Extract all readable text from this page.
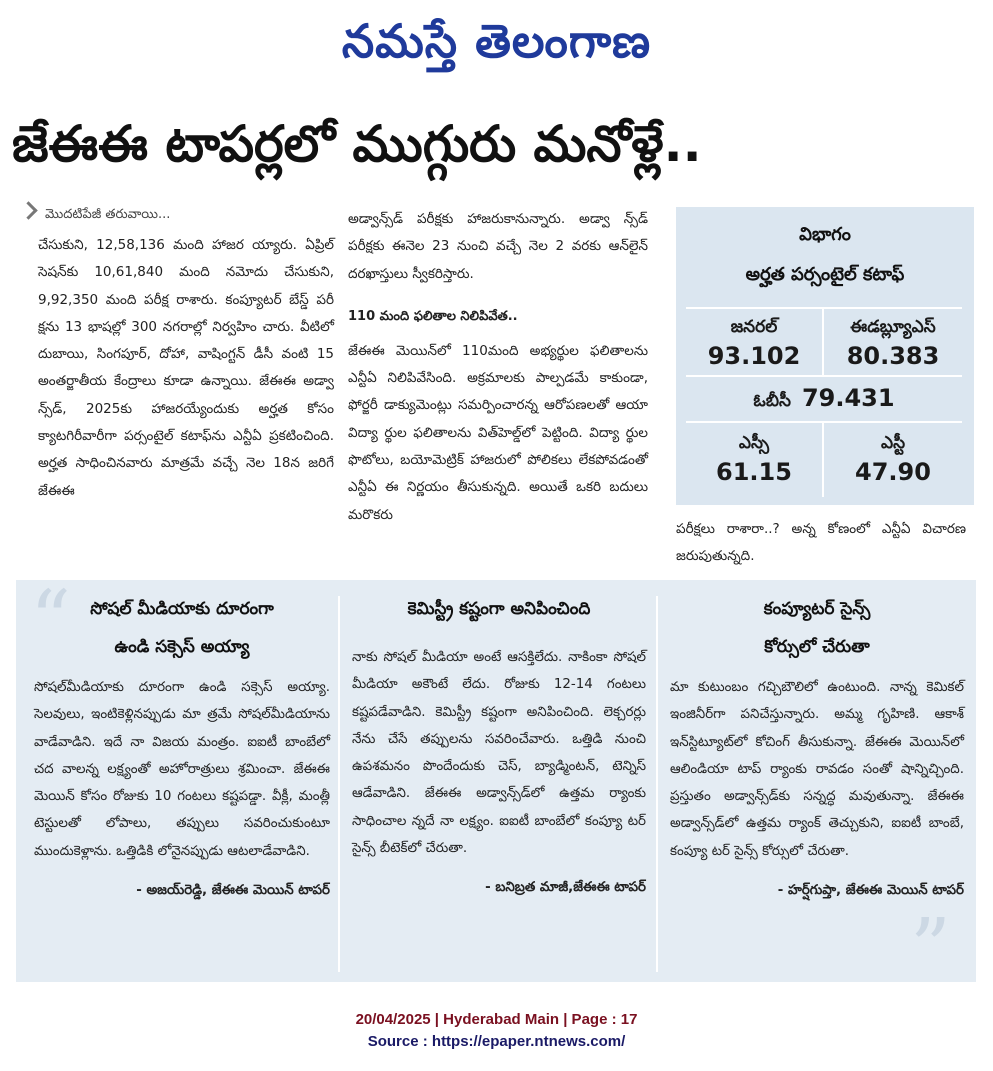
నమస్తే తెలంగాణ
జేఈఈ టాపర్లలో ముగ్గురు మనోళ్లే..
మొదటిపేజీ తరువాయి...

చేసుకుని, 12,58,136 మంది హాజర య్యారు. ఏప్రిల్ సెషన్‌కు 10,61,840 మంది నమోదు చేసుకుని, 9,92,350 మంది పరీక్ష రాశారు. కంప్యూటర్ బేస్డ్ పరీ క్షను 13 భాషల్లో 300 నగరాల్లో నిర్వహిం చారు. వీటిలో దుబాయి, సింగపూర్, దోహా, వాషింగ్టన్ డీసీ వంటి 15 అంతర్జాతీయ కేంద్రాలు కూడా ఉన్నాయి. జేఈఈ అడ్వా న్స్‌డ్, 2025కు హాజరయ్యేందుకు అర్హత కోసం క్యాటగిరీవారీగా పర్సంటైల్ కటాఫ్‌ను ఎన్టీఏ ప్రకటించింది. అర్హత సాధించినవారు మాత్రమే వచ్చే నెల 18న జరిగే జేఈఈ

అడ్వాన్స్‌డ్ పరీక్షకు హాజరుకానున్నారు. అడ్వా న్స్‌డ్ పరీక్షకు ఈనెల 23 నుంచి వచ్చే నెల 2 వరకు ఆన్‌లైన్ దరఖాస్తులు స్వీకరిస్తారు.

110 మంది ఫలితాల నిలిపివేత..

జేఈఈ మెయిన్‌లో 110మంది అభ్యర్థుల ఫలితాలను ఎన్టీఏ నిలిపివేసింది. అక్రమాలకు పాల్పడమే కాకుండా, ఫోర్జరీ డాక్యుమెంట్లు సమర్పించారన్న ఆరోపణలతో ఆయా విద్యా ర్థుల ఫలితాలను విత్‌హెల్డ్‌లో పెట్టింది. విద్యా ర్థుల ఫొటోలు, బయోమెట్రిక్ హాజరులో పోలికలు లేకపోవడంతో ఎన్టీఏ ఈ నిర్ణయం తీసుకున్నది. అయితే ఒకరి బదులు మరొకరు

విభాగం
అర్హత పర్సంటైల్ కటాఫ్
జనరల్
93.102
ఈడబ్ల్యూఎస్
80.383
ఓబీసీ 79.431
ఎస్సీ
61.15
ఎస్టీ
47.90

పరీక్షలు రాశారా..? అన్న కోణంలో ఎన్టీఏ విచారణ జరుపుతున్నది.

“
”
సోషల్ మీడియాకు దూరంగా
ఉండి సక్సెస్ అయ్యా

సోషల్‌మీడియాకు దూరంగా ఉండి సక్సెస్ అయ్యా. సెలవులు, ఇంటికెళ్లినప్పుడు మా త్రమే సోషల్‌మీడియాను వాడేవాడిని. ఇదే నా విజయ మంత్రం. ఐఐటీ బాంబేలో చద వాలన్న లక్ష్యంతో అహోరాత్రులు శ్రమించా. జేఈఈ మెయిన్ కోసం రోజుకు 10 గంటలు కష్టపడ్డా. వీక్లీ, మంత్లీ టెస్టులతో లోపాలు, తప్పులు సవరించుకుంటూ ముందుకెళ్లాను. ఒత్తిడికి లోనైనప్పుడు ఆటలాడేవాడిని.

- అజయ్‌రెడ్డి, జేఈఈ మెయిన్ టాపర్
కెమిస్ట్రీ కష్టంగా అనిపించింది

నాకు సోషల్ మీడియా అంటే ఆసక్తిలేదు. నాకింకా సోషల్ మీడియా అకౌంటే లేదు. రోజుకు 12-14 గంటలు కష్టపడేవాడిని. కెమిస్ట్రీ కష్టంగా అనిపించింది. లెక్చరర్లు నేను చేసే తప్పులను సవరించేవారు. ఒత్తిడి నుంచి ఉపశమనం పొందేందుకు చెస్, బ్యాడ్మింటన్, టెన్నిస్ ఆడేవాడిని. జేఈఈ అడ్వాన్స్‌డ్‌లో ఉత్తమ ర్యాంకు సాధించాల న్నదే నా లక్ష్యం. ఐఐటీ బాంబేలో కంప్యూ టర్ సైన్స్ బీటెక్‌లో చేరుతా.

- బనిబ్రత మాజీ,జేఈఈ టాపర్
కంప్యూటర్ సైన్స్
కోర్సులో చేరుతా

మా కుటుంబం గచ్చిబౌలిలో ఉంటుంది. నాన్న కెమికల్ ఇంజినీర్‌గా పనిచేస్తున్నారు. అమ్మ గృహిణి. ఆకాశ్ ఇన్‌స్టిట్యూట్‌లో కోచింగ్ తీసుకున్నా. జేఈఈ మెయిన్‌లో ఆలిండియా టాప్ ర్యాంకు రావడం సంతో షాన్నిచ్చింది. ప్రస్తుతం అడ్వాన్స్‌డ్‌కు సన్నద్ధ మవుతున్నా. జేఈఈ అడ్వాన్స్‌డ్‌లో ఉత్తమ ర్యాంక్ తెచ్చుకుని, ఐఐటీ బాంబే, కంప్యూ టర్ సైన్స్ కోర్సులో చేరుతా.

- హర్ష్‌గుప్తా, జేఈఈ మెయిన్ టాపర్
20/04/2025 | Hyderabad Main | Page : 17
Source : https://epaper.ntnews.com/
